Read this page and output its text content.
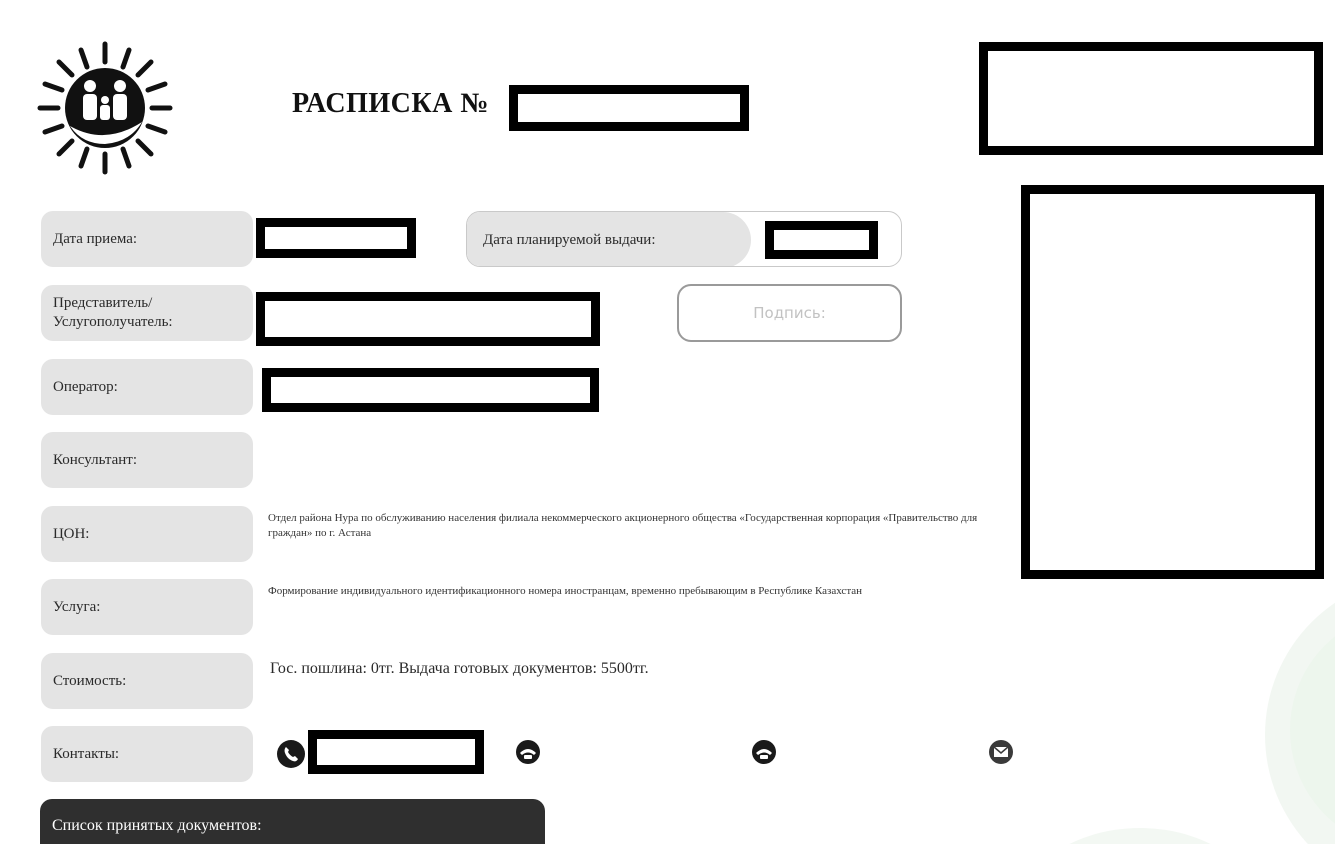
РАСПИСКА №
Дата приема:	Дата планируемой выдачи:
Представитель/ Услугополучатель:	Подпись:
Оператор:
Консультант:
ЦОН:
Отдел района Нура по обслуживанию населения филиала некоммерческого акционерного общества «Государственная корпорация «Правительство для граждан» по г. Астана
Услуга:
Формирование индивидуального идентификационного номера иностранцам, временно пребывающим в Республике Казахстан
Стоимость:
Гос. пошлина: 0тг. Выдача готовых документов: 5500тг.
Контакты:
Список принятых документов:
